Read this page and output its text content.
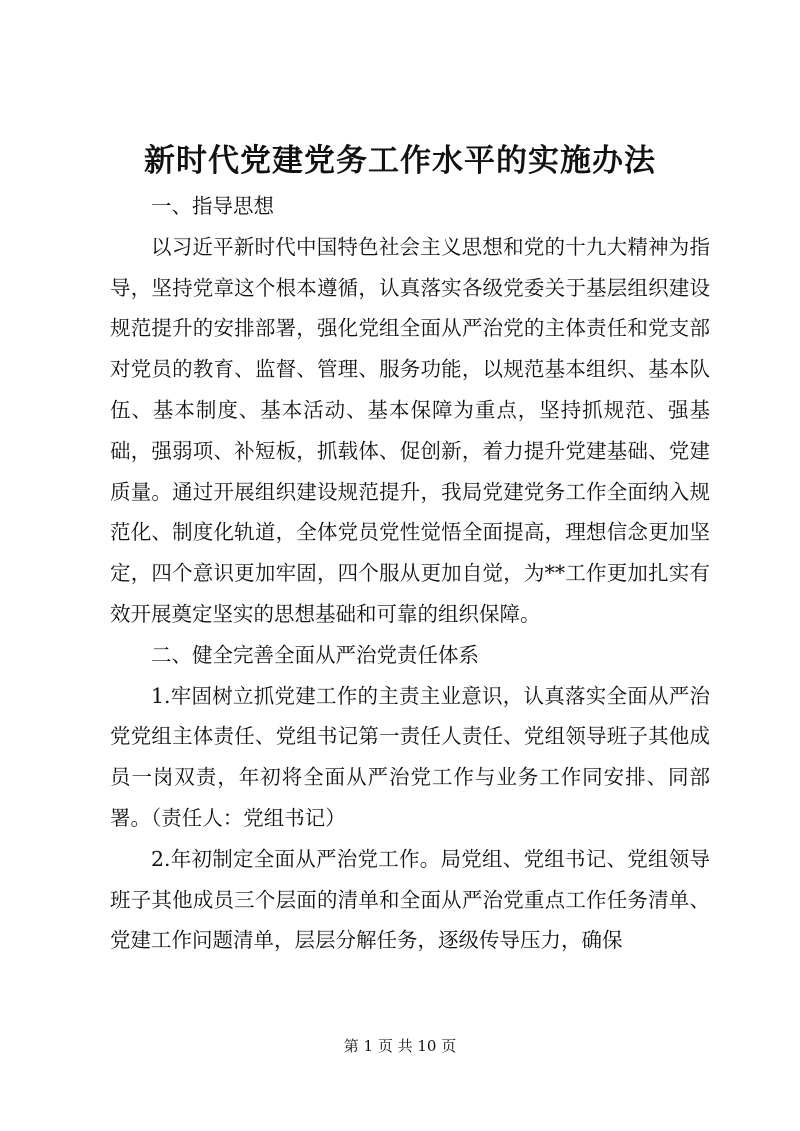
新时代党建党务工作水平的实施办法

一、指导思想

以习近平新时代中国特色社会主义思想和党的十九大精神为指导，坚持党章这个根本遵循，认真落实各级党委关于基层组织建设规范提升的安排部署，强化党组全面从严治党的主体责任和党支部对党员的教育、监督、管理、服务功能，以规范基本组织、基本队伍、基本制度、基本活动、基本保障为重点，坚持抓规范、强基础，强弱项、补短板，抓载体、促创新，着力提升党建基础、党建质量。通过开展组织建设规范提升，我局党建党务工作全面纳入规范化、制度化轨道，全体党员党性觉悟全面提高，理想信念更加坚定，四个意识更加牢固，四个服从更加自觉，为**工作更加扎实有效开展奠定坚实的思想基础和可靠的组织保障。

二、健全完善全面从严治党责任体系

1.牢固树立抓党建工作的主责主业意识，认真落实全面从严治党党组主体责任、党组书记第一责任人责任、党组领导班子其他成员一岗双责，年初将全面从严治党工作与业务工作同安排、同部署。（责任人：党组书记）

2.年初制定全面从严治党工作。局党组、党组书记、党组领导班子其他成员三个层面的清单和全面从严治党重点工作任务清单、党建工作问题清单，层层分解任务，逐级传导压力，确保

第 1 页 共 10 页
